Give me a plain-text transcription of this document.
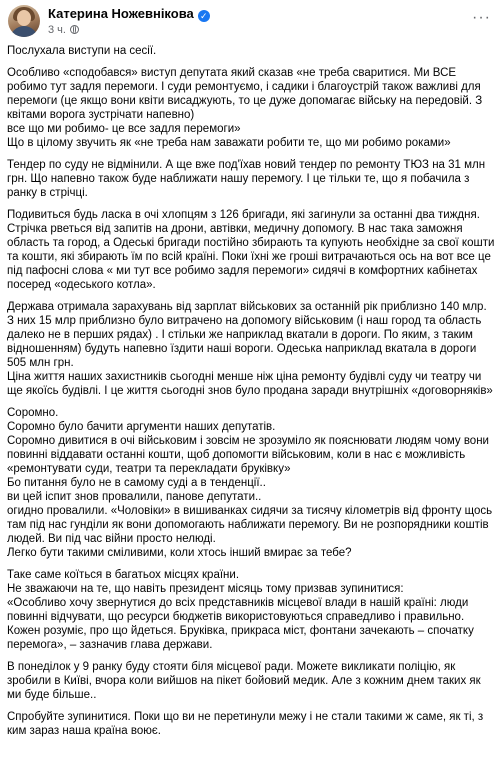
Катерина Ножевнікова ✓
3 ч.
···

Послухала виступи на сесії.

Особливо «сподобався» виступ депутата який сказав «не треба сваритися. Ми ВСЕ робимо тут задля перемоги. І суди ремонтуємо, і садики і благоустрій також важливі для перемоги (це якщо вони квіти висаджують, то це дуже допомагає війську на передовій. З квітами ворога зустрічати напевно)
все що ми робимо- це все задля перемоги»
Що в цілому звучить як «не треба нам заважати робити те, що ми робимо роками»

Тендер по суду не відмінили. А ще вже под'їхав новий тендер по ремонту ТЮЗ на 31 млн грн. Що напевно також буде наближати нашу перемогу. І це тільки те, що я побачила з ранку в стрічці.

Подивиться будь ласка в очі хлопцям з 126 бригади, які загинули за останні два тиждня. Стрічка рветься від запитів на дрони, автівки, медичну допомогу. В нас така заможня область та город, а Одеські бригади постійно збирають та купують необхідне за свої кошти та кошти, які збирають їм по всій країні. Поки їхні же гроші витрачаються ось на вот все це під пафосні слова « ми тут все робимо задля перемоги» сидячі в комфортних кабінетах посеред «одеського котла».

Держава отримала зарахувань від зарплат військових за останній рік приблизно 140 млр. З них 15 млр приблизно було витрачено на допомогу військовим (і наш город та область далеко не в перших рядах) . І стільки же наприклад вкатали в дороги. По яким, з таким відношенням) будуть напевно їздити наші вороги. Одеська наприклад вкатала в дороги 505 млн грн.
Ціна життя наших захистників сьогодні менше ніж ціна ремонту будівлі суду чи театру чи ще якоїсь будівлі. І це життя сьогодні знов було продана заради внутрішніх «договорняків»

Соромно.
Соромно було бачити аргументи наших депутатів.
Соромно дивитися в очі військовим і зовсім не зрозуміло як пояснювати людям чому вони повинні віддавати останні кошти, щоб допомогти військовим, коли в нас є можливість «ремонтувати суди, театри та перекладати бруківку»
Бо питання було не в самому суді а в тенденції..
ви цей іспит знов провалили, панове депутати..
огидно провалили. «Чоловіки» в вишиванках сидячи за тисячу кілометрів від фронту щось там під нас гунділи як вони допомогають наближати перемогу. Ви не розпорядники коштів людей. Ви під час війни просто нелюді.
Легко бути такими сміливими, коли хтось інший вмирає за тебе?

Таке саме коїться в багатьох місцях країни.
Не зважаючи на те, що навіть президент місяць тому призвав зупинитися:
«Особливо хочу звернутися до всіх представників місцевої влади в нашій країні: люди повинні відчувати, що ресурси бюджетів використовуються справедливо і правильно. Кожен розуміє, про що йдеться. Бруківка, прикраса міст, фонтани зачекають – спочатку перемога», – зазначив глава держави.

В понеділок у 9 ранку буду стояти біля місцевої ради. Можете викликати поліцію, як зробили в Київі, вчора коли вийшов на пікет бойовий медик. Але з кожним днем таких як ми буде більше..

Спробуйте зупинитися. Поки що ви не перетинули межу і не стали такими ж саме, як ті, з ким зараз наша країна воює.
